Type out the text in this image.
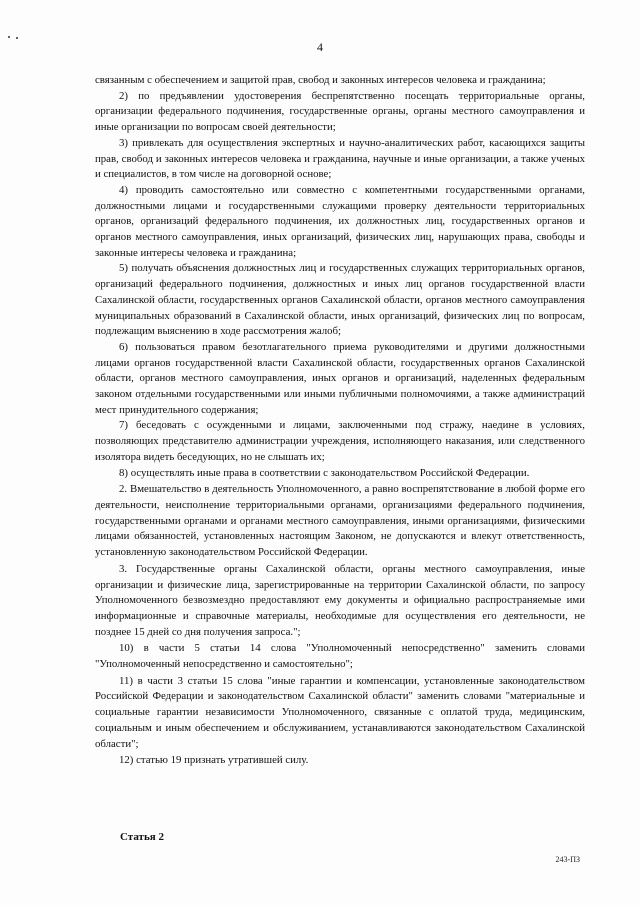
4

связанным с обеспечением и защитой прав, свобод и законных интересов человека и гражданина;

2) по предъявлении удостоверения беспрепятственно посещать территориальные органы, организации федерального подчинения, государственные органы, органы местного самоуправления и иные организации по вопросам своей деятельности;

3) привлекать для осуществления экспертных и научно-аналитических работ, касающихся защиты прав, свобод и законных интересов человека и гражданина, научные и иные организации, а также ученых и специалистов, в том числе на договорной основе;

4) проводить самостоятельно или совместно с компетентными государственными органами, должностными лицами и государственными служащими проверку деятельности территориальных органов, организаций федерального подчинения, их должностных лиц, государственных органов и органов местного самоуправления, иных организаций, физических лиц, нарушающих права, свободы и законные интересы человека и гражданина;

5) получать объяснения должностных лиц и государственных служащих территориальных органов, организаций федерального подчинения, должностных и иных лиц органов государственной власти Сахалинской области, государственных органов Сахалинской области, органов местного самоуправления муниципальных образований в Сахалинской области, иных организаций, физических лиц по вопросам, подлежащим выяснению в ходе рассмотрения жалоб;

6) пользоваться правом безотлагательного приема руководителями и другими должностными лицами органов государственной власти Сахалинской области, государственных органов Сахалинской области, органов местного самоуправления, иных органов и организаций, наделенных федеральным законом отдельными государственными или иными публичными полномочиями, а также администраций мест принудительного содержания;

7) беседовать с осужденными и лицами, заключенными под стражу, наедине в условиях, позволяющих представителю администрации учреждения, исполняющего наказания, или следственного изолятора видеть беседующих, но не слышать их;

8) осуществлять иные права в соответствии с законодательством Российской Федерации.

2. Вмешательство в деятельность Уполномоченного, а равно воспрепятствование в любой форме его деятельности, неисполнение территориальными органами, организациями федерального подчинения, государственными органами и органами местного самоуправления, иными организациями, физическими лицами обязанностей, установленных настоящим Законом, не допускаются и влекут ответственность, установленную законодательством Российской Федерации.

3. Государственные органы Сахалинской области, органы местного самоуправления, иные организации и физические лица, зарегистрированные на территории Сахалинской области, по запросу Уполномоченного безвозмездно предоставляют ему документы и официально распространяемые ими информационные и справочные материалы, необходимые для осуществления его деятельности, не позднее 15 дней со дня получения запроса.";

10) в части 5 статьи 14 слова "Уполномоченный непосредственно" заменить словами "Уполномоченный непосредственно и самостоятельно";

11) в части 3 статьи 15 слова "иные гарантии и компенсации, установленные законодательством Российской Федерации и законодательством Сахалинской области" заменить словами "материальные и социальные гарантии независимости Уполномоченного, связанные с оплатой труда, медицинским, социальным и иным обеспечением и обслуживанием, устанавливаются законодательством Сахалинской области";

12) статью 19 признать утратившей силу.

Статья 2
243-ПЗ
